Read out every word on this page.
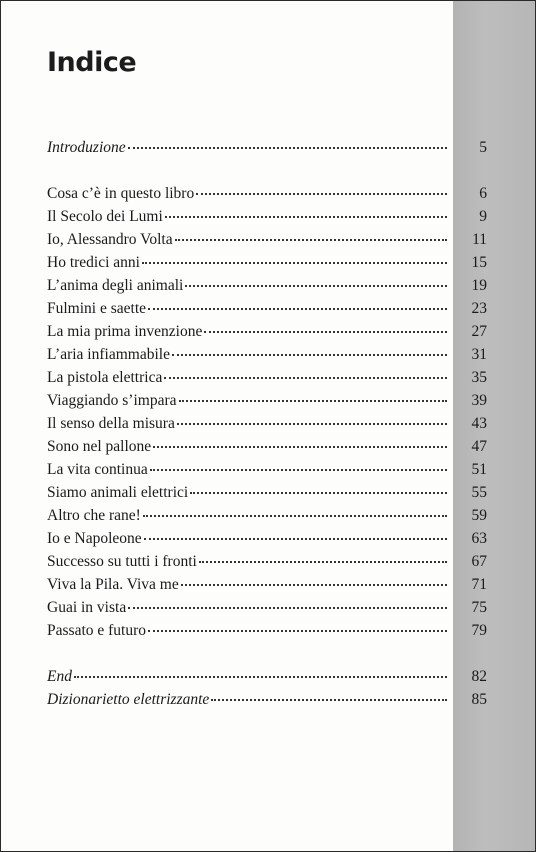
Indice
Introduzione	5
Cosa c’è in questo libro	6
Il Secolo dei Lumi	9
Io, Alessandro Volta	11
Ho tredici anni	15
L’anima degli animali	19
Fulmini e saette	23
La mia prima invenzione	27
L’aria infiammabile	31
La pistola elettrica	35
Viaggiando s’impara	39
Il senso della misura	43
Sono nel pallone	47
La vita continua	51
Siamo animali elettrici	55
Altro che rane!	59
Io e Napoleone	63
Successo su tutti i fronti	67
Viva la Pila. Viva me	71
Guai in vista	75
Passato e futuro	79
End	82
Dizionarietto elettrizzante	85
